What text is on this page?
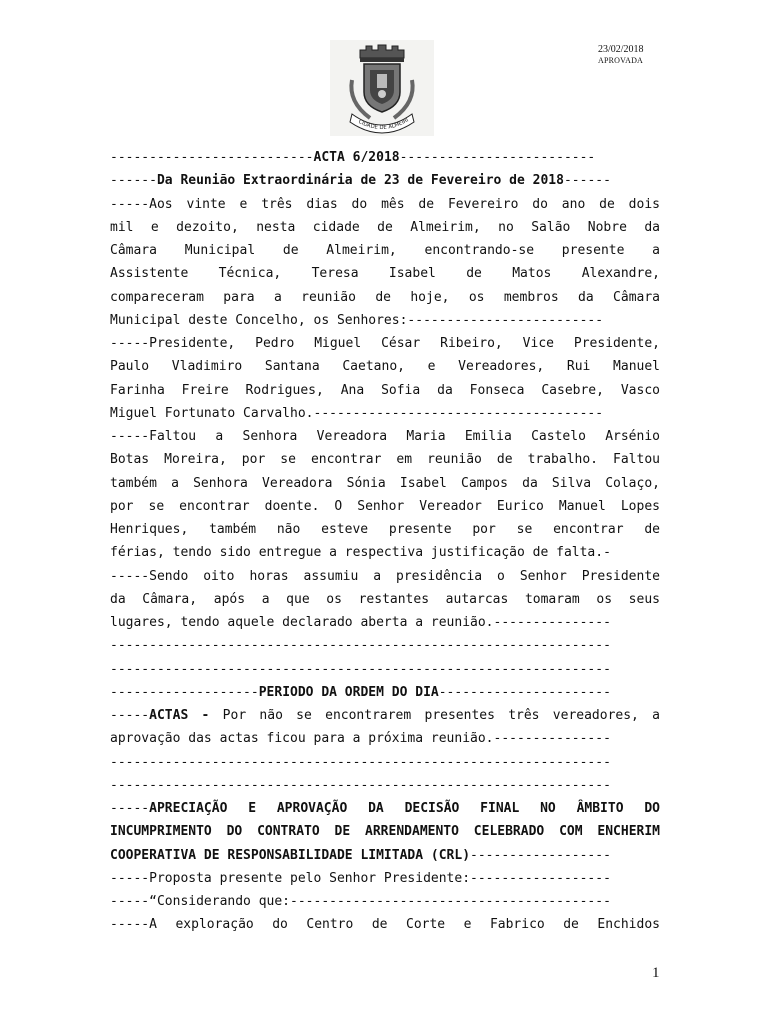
CIDADE DE ALMEIRI
23/02/2018
APROVADA
--------------------------ACTA 6/2018-------------------------
------Da Reunião Extraordinária de 23 de Fevereiro de 2018------
-----Aos vinte e três dias do mês de Fevereiro do ano de dois
mil e dezoito, nesta cidade de Almeirim, no Salão Nobre da
Câmara Municipal de Almeirim, encontrando-se presente a
Assistente Técnica, Teresa Isabel de Matos Alexandre,
compareceram para a reunião de hoje, os membros da Câmara
Municipal deste Concelho, os Senhores:-------------------------
-----Presidente, Pedro Miguel César Ribeiro, Vice Presidente,
Paulo Vladimiro Santana Caetano, e Vereadores, Rui Manuel
Farinha Freire Rodrigues, Ana Sofia da Fonseca Casebre, Vasco
Miguel Fortunato Carvalho.-------------------------------------
-----Faltou a Senhora Vereadora Maria Emilia Castelo Arsénio
Botas Moreira, por se encontrar em reunião de trabalho. Faltou
também a Senhora Vereadora Sónia Isabel Campos da Silva Colaço,
por se encontrar doente. O Senhor Vereador Eurico Manuel Lopes
Henriques, também não esteve presente por se encontrar de
férias, tendo sido entregue a respectiva justificação de falta.-
-----Sendo oito horas assumiu a presidência o Senhor Presidente
da Câmara, após a que os restantes autarcas tomaram os seus
lugares, tendo aquele declarado aberta a reunião.---------------
----------------------------------------------------------------
----------------------------------------------------------------
-------------------PERIODO DA ORDEM DO DIA----------------------
-----ACTAS - Por não se encontrarem presentes três vereadores, a
aprovação das actas ficou para a próxima reunião.---------------
----------------------------------------------------------------
----------------------------------------------------------------
-----APRECIAÇÃO E APROVAÇÃO DA DECISÃO FINAL NO ÂMBITO DO
INCUMPRIMENTO DO CONTRATO DE ARRENDAMENTO CELEBRADO COM ENCHERIM
COOPERATIVA DE RESPONSABILIDADE LIMITADA (CRL)------------------
-----Proposta presente pelo Senhor Presidente:------------------
-----“Considerando que:-----------------------------------------
-----A exploração do Centro de Corte e Fabrico de Enchidos
1
